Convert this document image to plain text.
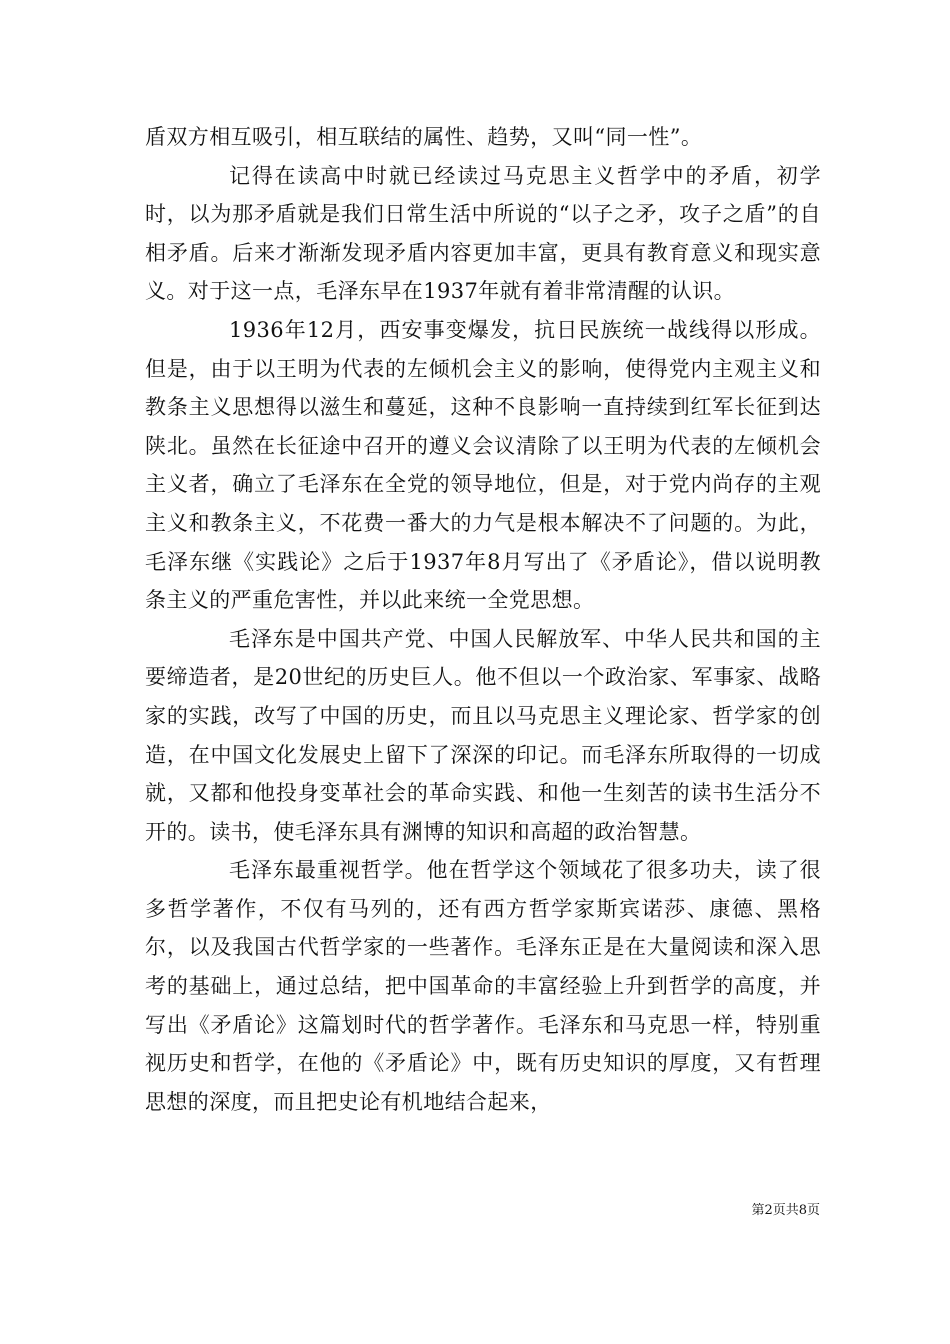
盾双方相互吸引，相互联结的属性、趋势，又叫“同一性”。

记得在读高中时就已经读过马克思主义哲学中的矛盾，初学时，以为那矛盾就是我们日常生活中所说的“以子之矛，攻子之盾”的自相矛盾。后来才渐渐发现矛盾内容更加丰富，更具有教育意义和现实意义。对于这一点，毛泽东早在1937年就有着非常清醒的认识。

1936年12月，西安事变爆发，抗日民族统一战线得以形成。但是，由于以王明为代表的左倾机会主义的影响，使得党内主观主义和教条主义思想得以滋生和蔓延，这种不良影响一直持续到红军长征到达陕北。虽然在长征途中召开的遵义会议清除了以王明为代表的左倾机会主义者，确立了毛泽东在全党的领导地位，但是，对于党内尚存的主观主义和教条主义，不花费一番大的力气是根本解决不了问题的。为此，毛泽东继《实践论》之后于1937年8月写出了《矛盾论》，借以说明教条主义的严重危害性，并以此来统一全党思想。

毛泽东是中国共产党、中国人民解放军、中华人民共和国的主要缔造者，是20世纪的历史巨人。他不但以一个政治家、军事家、战略家的实践，改写了中国的历史，而且以马克思主义理论家、哲学家的创造，在中国文化发展史上留下了深深的印记。而毛泽东所取得的一切成就，又都和他投身变革社会的革命实践、和他一生刻苦的读书生活分不开的。读书，使毛泽东具有渊博的知识和高超的政治智慧。

毛泽东最重视哲学。他在哲学这个领域花了很多功夫，读了很多哲学著作，不仅有马列的，还有西方哲学家斯宾诺莎、康德、黑格尔，以及我国古代哲学家的一些著作。毛泽东正是在大量阅读和深入思考的基础上，通过总结，把中国革命的丰富经验上升到哲学的高度，并写出《矛盾论》这篇划时代的哲学著作。毛泽东和马克思一样，特别重视历史和哲学，在他的《矛盾论》中，既有历史知识的厚度，又有哲理思想的深度，而且把史论有机地结合起来，

第2页共8页
